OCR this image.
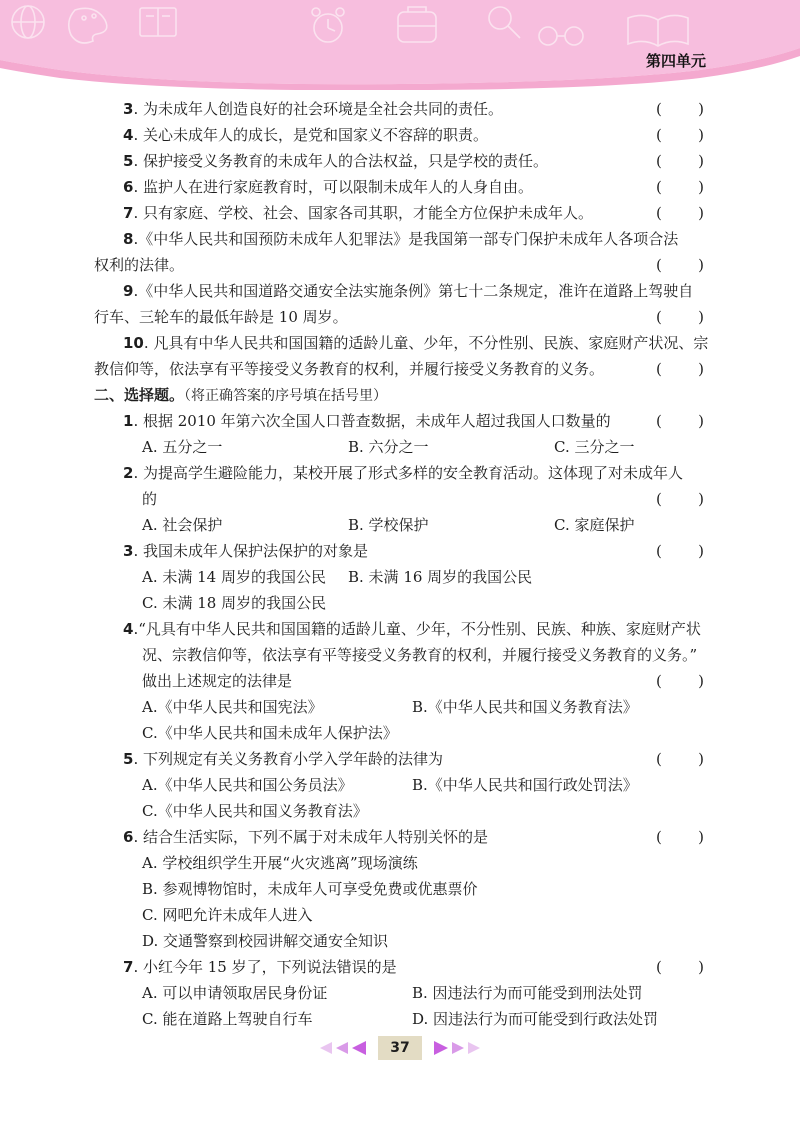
第四单元
3. 为未成年人创造良好的社会环境是全社会共同的责任。	( )
4. 关心未成年人的成长，是党和国家义不容辞的职责。	( )
5. 保护接受义务教育的未成年人的合法权益，只是学校的责任。	( )
6. 监护人在进行家庭教育时，可以限制未成年人的人身自由。	( )
7. 只有家庭、学校、社会、国家各司其职，才能全方位保护未成年人。	( )
8.《中华人民共和国预防未成年人犯罪法》是我国第一部专门保护未成年人各项合法
权利的法律。	( )
9.《中华人民共和国道路交通安全法实施条例》第七十二条规定，准许在道路上驾驶自
行车、三轮车的最低年龄是 10 周岁。	( )
10. 凡具有中华人民共和国国籍的适龄儿童、少年，不分性别、民族、家庭财产状况、宗
教信仰等，依法享有平等接受义务教育的权利，并履行接受义务教育的义务。	( )
二、选择题。（将正确答案的序号填在括号里）
1. 根据 2010 年第六次全国人口普查数据，未成年人超过我国人口数量的	( )
A. 五分之一	B. 六分之一	C. 三分之一
2. 为提高学生避险能力，某校开展了形式多样的安全教育活动。这体现了对未成年人
的	( )
A. 社会保护	B. 学校保护	C. 家庭保护
3. 我国未成年人保护法保护的对象是	( )
A. 未满 14 周岁的我国公民 B. 未满 16 周岁的我国公民
C. 未满 18 周岁的我国公民
4.“凡具有中华人民共和国国籍的适龄儿童、少年，不分性别、民族、种族、家庭财产状
况、宗教信仰等，依法享有平等接受义务教育的权利，并履行接受义务教育的义务。”
做出上述规定的法律是	( )
A.《中华人民共和国宪法》	B.《中华人民共和国义务教育法》
C.《中华人民共和国未成年人保护法》
5. 下列规定有关义务教育小学入学年龄的法律为	( )
A.《中华人民共和国公务员法》	B.《中华人民共和国行政处罚法》
C.《中华人民共和国义务教育法》
6. 结合生活实际，下列不属于对未成年人特别关怀的是	( )
A. 学校组织学生开展“火灾逃离”现场演练
B. 参观博物馆时，未成年人可享受免费或优惠票价
C. 网吧允许未成年人进入
D. 交通警察到校园讲解交通安全知识
7. 小红今年 15 岁了，下列说法错误的是	( )
A. 可以申请领取居民身份证	B. 因违法行为而可能受到刑法处罚
C. 能在道路上驾驶自行车	D. 因违法行为而可能受到行政法处罚
37
